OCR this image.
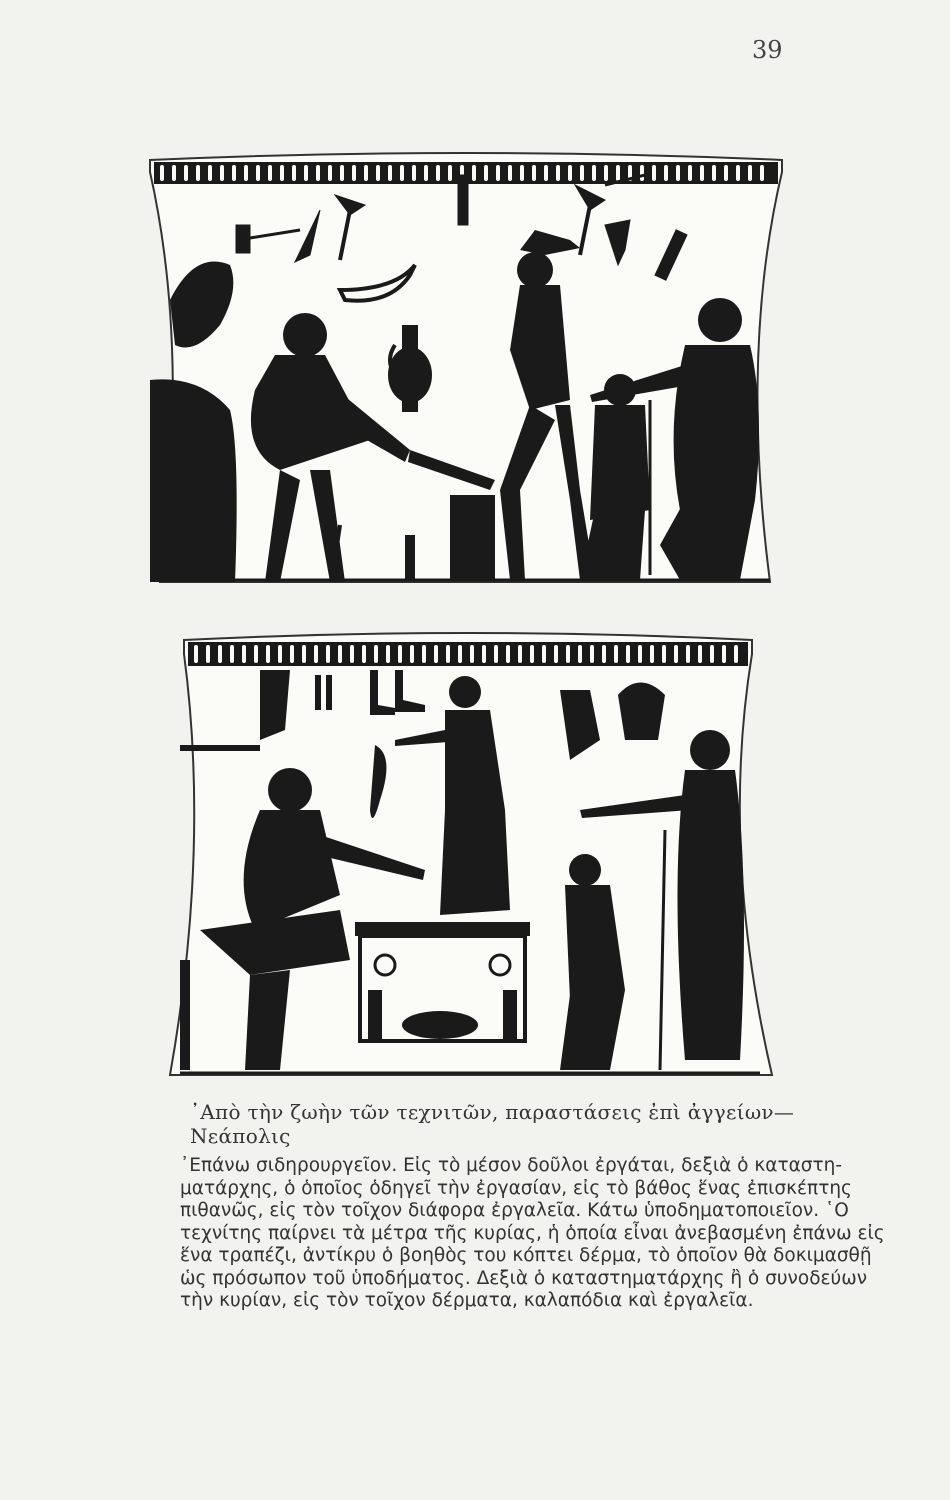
39
᾿Απὸ τὴν ζωὴν τῶν τεχνιτῶν, παραστάσεις ἐπὶ ἀγγείων—Νεάπολις
᾿Επάνω σιδηρουργεῖον. Εἰς τὸ μέσον δοῦλοι ἐργάται, δεξιὰ ὁ καταστη-
ματάρχης, ὁ ὁποῖος ὁδηγεῖ τὴν ἐργασίαν, εἰς τὸ βάθος ἕνας ἐπισκέπτης
πιθανῶς, εἰς τὸν τοῖχον διάφορα ἐργαλεῖα. Κάτω ὑποδηματοποιεῖον. ῾Ο
τεχνίτης παίρνει τὰ μέτρα τῆς κυρίας, ἡ ὁποία εἶναι ἀνεβασμένη ἐπάνω εἰς
ἕνα τραπέζι, ἀντίκρυ ὁ βοηθὸς του κόπτει δέρμα, τὸ ὁποῖον θὰ δοκιμασθῇ
ὡς πρόσωπον τοῦ ὑποδήματος. Δεξιὰ ὁ καταστηματάρχης ἢ ὁ συνοδεύων
τὴν κυρίαν, εἰς τὸν τοῖχον δέρματα, καλαπόδια καὶ ἐργαλεῖα.
